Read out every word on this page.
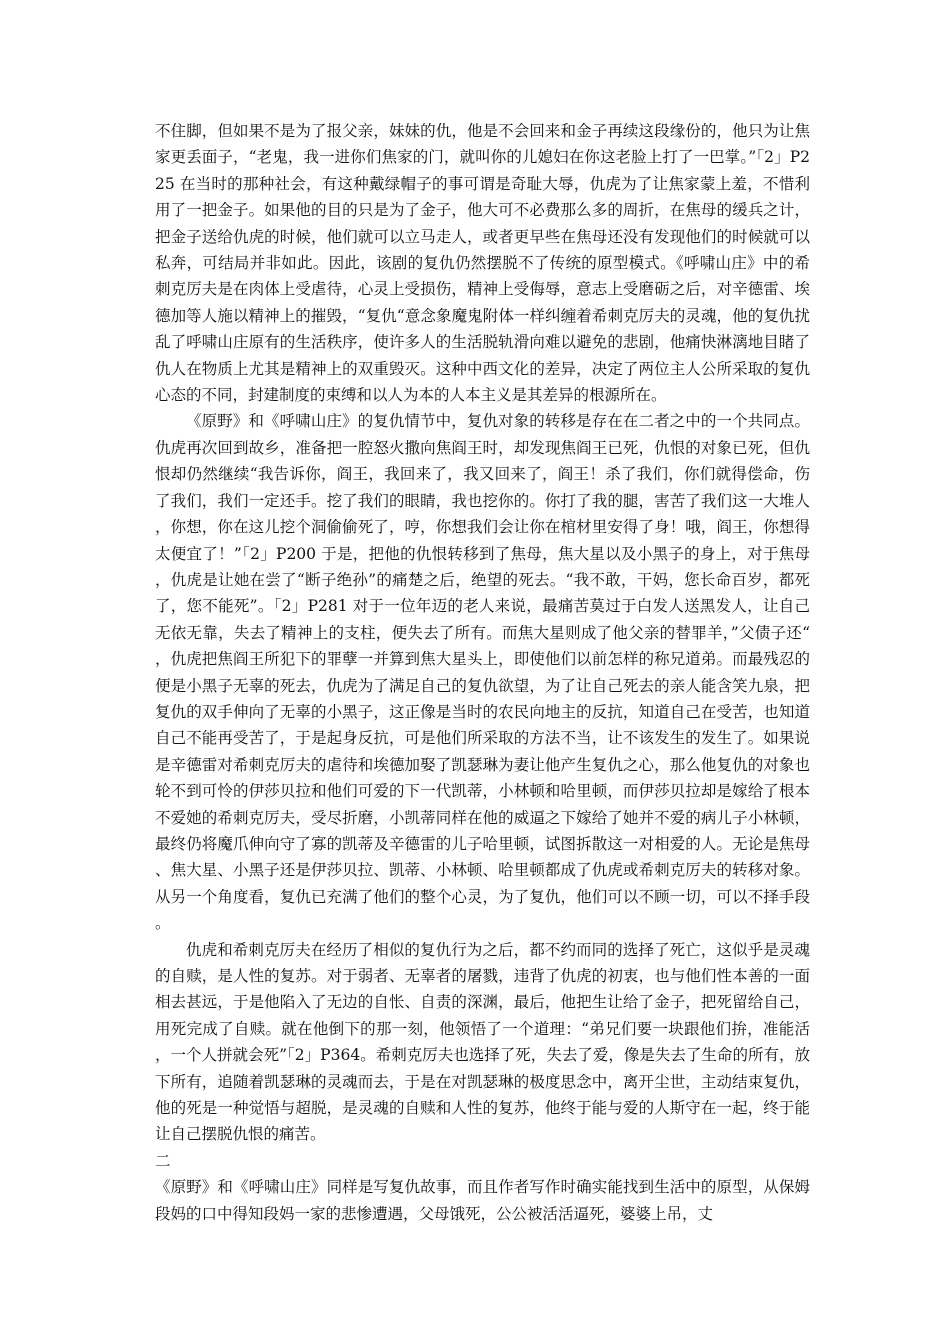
不住脚，但如果不是为了报父亲，妹妹的仇，他是不会回来和金子再续这段缘份的，他只为让焦家更丢面子，“老鬼，我一进你们焦家的门，就叫你的儿媳妇在你这老脸上打了一巴掌。”「2」P225 在当时的那种社会，有这种戴绿帽子的事可谓是奇耻大辱，仇虎为了让焦家蒙上羞，不惜利用了一把金子。如果他的目的只是为了金子，他大可不必费那么多的周折，在焦母的缓兵之计，把金子送给仇虎的时候，他们就可以立马走人，或者更早些在焦母还没有发现他们的时候就可以私奔，可结局并非如此。因此，该剧的复仇仍然摆脱不了传统的原型模式。《呼啸山庄》中的希刺克厉夫是在肉体上受虐待，心灵上受损伤，精神上受侮辱，意志上受磨砺之后，对辛德雷、埃德加等人施以精神上的摧毁，“复仇“意念象魔鬼附体一样纠缠着希刺克厉夫的灵魂，他的复仇扰乱了呼啸山庄原有的生活秩序，使许多人的生活脱轨滑向难以避免的悲剧，他痛快淋漓地目睹了仇人在物质上尤其是精神上的双重毁灭。这种中西文化的差异，决定了两位主人公所采取的复仇心态的不同，封建制度的束缚和以人为本的人本主义是其差异的根源所在。

《原野》和《呼啸山庄》的复仇情节中，复仇对象的转移是存在在二者之中的一个共同点。仇虎再次回到故乡，准备把一腔怒火撒向焦阎王时，却发现焦阎王已死，仇恨的对象已死，但仇恨却仍然继续“我告诉你，阎王，我回来了，我又回来了，阎王！杀了我们，你们就得偿命，伤了我们，我们一定还手。挖了我们的眼睛，我也挖你的。你打了我的腿，害苦了我们这一大堆人，你想，你在这儿挖个洞偷偷死了，哼，你想我们会让你在棺材里安得了身！哦，阎王，你想得太便宜了！”「2」P200 于是，把他的仇恨转移到了焦母，焦大星以及小黑子的身上，对于焦母，仇虎是让她在尝了“断子绝孙”的痛楚之后，绝望的死去。“我不敢，干妈，您长命百岁，都死了，您不能死”。「2」P281 对于一位年迈的老人来说，最痛苦莫过于白发人送黑发人，让自己无依无靠，失去了精神上的支柱，便失去了所有。而焦大星则成了他父亲的替罪羊，”父债子还“，仇虎把焦阎王所犯下的罪孽一并算到焦大星头上，即使他们以前怎样的称兄道弟。而最残忍的便是小黑子无辜的死去，仇虎为了满足自己的复仇欲望，为了让自己死去的亲人能含笑九泉，把复仇的双手伸向了无辜的小黑子，这正像是当时的农民向地主的反抗，知道自己在受苦，也知道自己不能再受苦了，于是起身反抗，可是他们所采取的方法不当，让不该发生的发生了。如果说是辛德雷对希刺克厉夫的虐待和埃德加娶了凯瑟琳为妻让他产生复仇之心，那么他复仇的对象也轮不到可怜的伊莎贝拉和他们可爱的下一代凯蒂，小林顿和哈里顿，而伊莎贝拉却是嫁给了根本不爱她的希刺克厉夫，受尽折磨，小凯蒂同样在他的威逼之下嫁给了她并不爱的病儿子小林顿，最终仍将魔爪伸向守了寡的凯蒂及辛德雷的儿子哈里顿，试图拆散这一对相爱的人。无论是焦母、焦大星、小黑子还是伊莎贝拉、凯蒂、小林顿、哈里顿都成了仇虎或希刺克厉夫的转移对象。从另一个角度看，复仇已充满了他们的整个心灵，为了复仇，他们可以不顾一切，可以不择手段。

仇虎和希刺克厉夫在经历了相似的复仇行为之后，都不约而同的选择了死亡，这似乎是灵魂的自赎，是人性的复苏。对于弱者、无辜者的屠戮，违背了仇虎的初衷，也与他们性本善的一面相去甚远，于是他陷入了无边的自怅、自责的深渊，最后，他把生让给了金子，把死留给自己，用死完成了自赎。就在他倒下的那一刻，他领悟了一个道理：“弟兄们要一块跟他们拚，准能活，一个人拼就会死”「2」P364。希刺克厉夫也选择了死，失去了爱，像是失去了生命的所有，放下所有，追随着凯瑟琳的灵魂而去，于是在对凯瑟琳的极度思念中，离开尘世，主动结束复仇，他的死是一种觉悟与超脱，是灵魂的自赎和人性的复苏，他终于能与爱的人斯守在一起，终于能让自己摆脱仇恨的痛苦。

二

《原野》和《呼啸山庄》同样是写复仇故事，而且作者写作时确实能找到生活中的原型，从保姆段妈的口中得知段妈一家的悲惨遭遇，父母饿死，公公被活活逼死，婆婆上吊，丈
